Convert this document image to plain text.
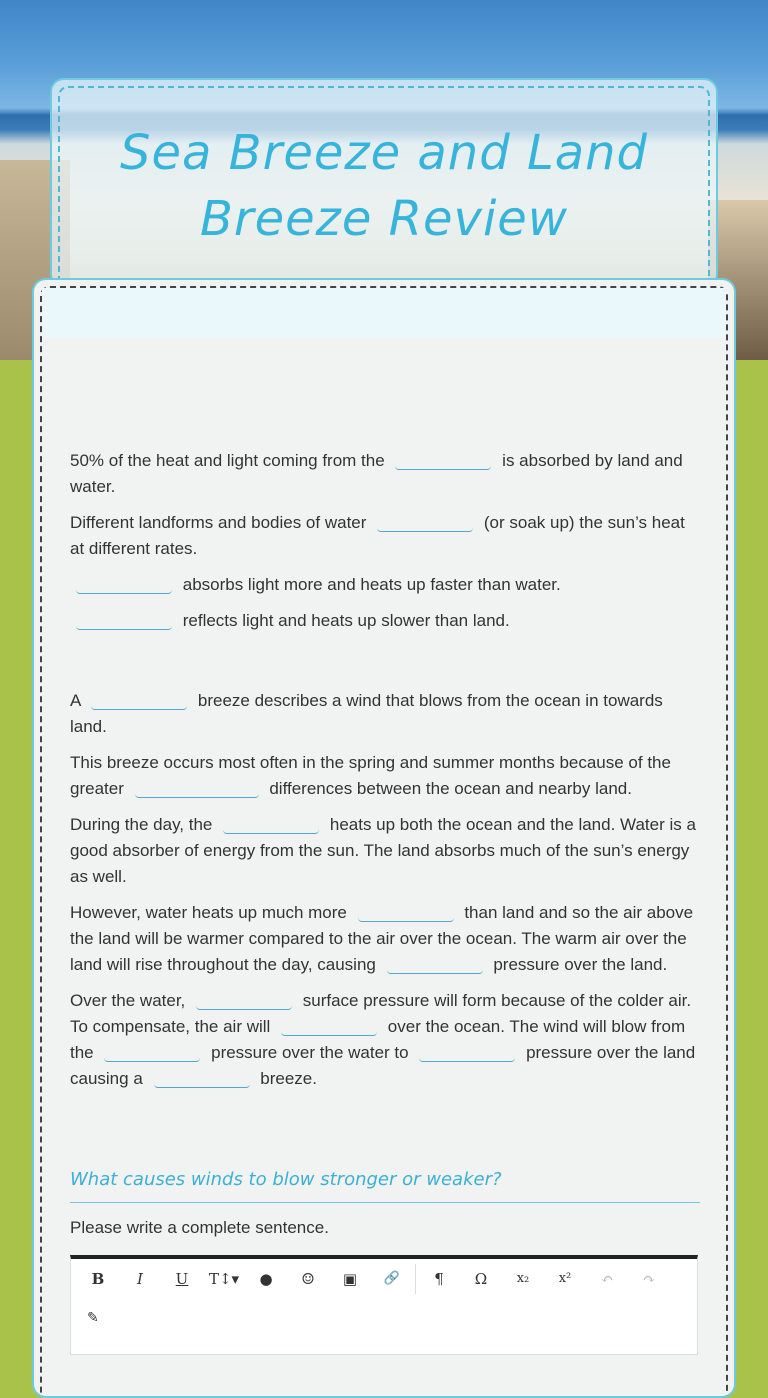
Sea Breeze and Land Breeze Review

50% of the heat and light coming from the	is absorbed by land and water.

Different landforms and bodies of water	(or soak up) the sun’s heat at different rates.

absorbs light more and heats up faster than water.

reflects light and heats up slower than land.

A	breeze describes a wind that blows from the ocean in towards land.

This breeze occurs most often in the spring and summer months because of the greater	differences between the ocean and nearby land.

During the day, the	heats up both the ocean and the land. Water is a good absorber of energy from the sun. The land absorbs much of the sun’s energy as well.

However, water heats up much more	than land and so the air above the land will be warmer compared to the air over the ocean. The warm air over the land will rise throughout the day, causing	pressure over the land.

Over the water,	surface pressure will form because of the colder air. To compensate, the air will	over the ocean. The wind will blow from the	pressure over the water to	pressure over the land causing a	breeze.

What causes winds to blow stronger or weaker?
Please write a complete sentence.
B	I	U	T↕▾	●	☺	▣	🔗	¶	Ω	x₂	x²	↶	↷
✎
